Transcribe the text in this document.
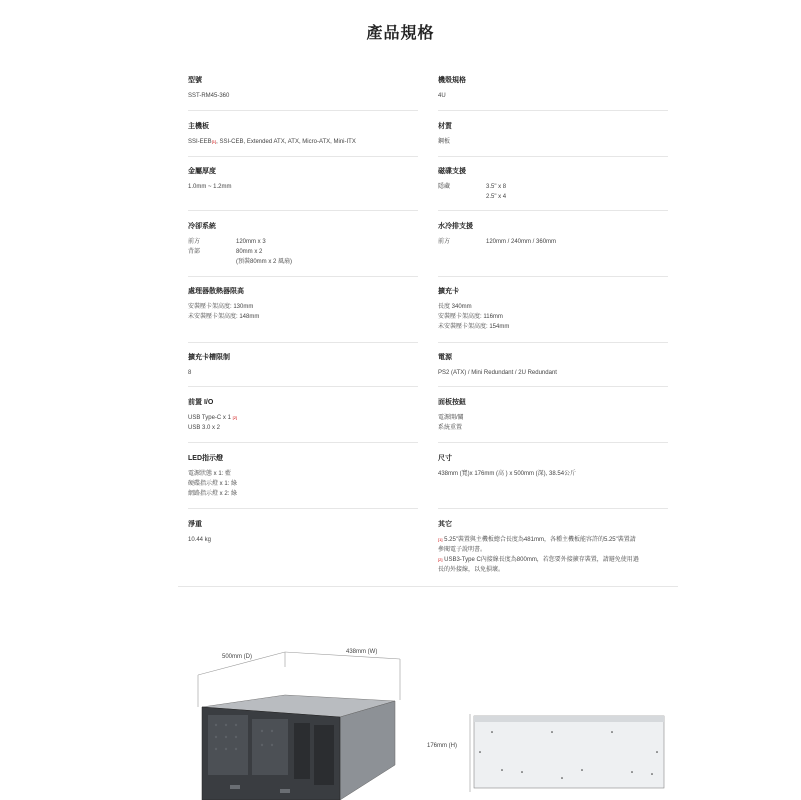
產品規格
型號
SST-RM45-360
機殼規格
4U
主機板
SSI-EEB[1], SSI-CEB, Extended ATX, ATX, Micro-ATX, Mini-ITX
材質
鋼板
金屬厚度
1.0mm ~ 1.2mm
磁碟支援
隱藏	3.5" x 8
2.5" x 4
冷卻系統
前方	120mm x 3
背部	80mm x 2
(預裝80mm x 2 風扇)
水冷排支援
前方	120mm / 240mm / 360mm
處理器散熱器限高
安裝壓卡架高度: 130mm
未安裝壓卡架高度: 148mm
擴充卡
長度 340mm
安裝壓卡架高度: 116mm
未安裝壓卡架高度: 154mm
擴充卡槽限制
8
電源
PS2 (ATX) / Mini Redundant / 2U Redundant
前置 I/O
USB Type-C x 1 [2]
USB 3.0 x 2
面板按鈕
電源開/關
系統重置
LED指示燈
電源狀態 x 1: 藍
硬碟指示燈 x 1: 綠
網路指示燈 x 2: 綠
尺寸
438mm (寬)x 176mm (高 ) x 500mm (深), 38.54公斤
淨重
10.44 kg
其它
[1] 5.25"裝置與主機板總合長度為481mm，各種主機板能容許的5.25"裝置請
參閱電子說明書。
[2] USB3-Type C內接線長度為800mm，若您要外接擴存裝置，請避免使用過
長的外接線，以免損壞。
500mm (D)
438mm (W)
176mm (H)
